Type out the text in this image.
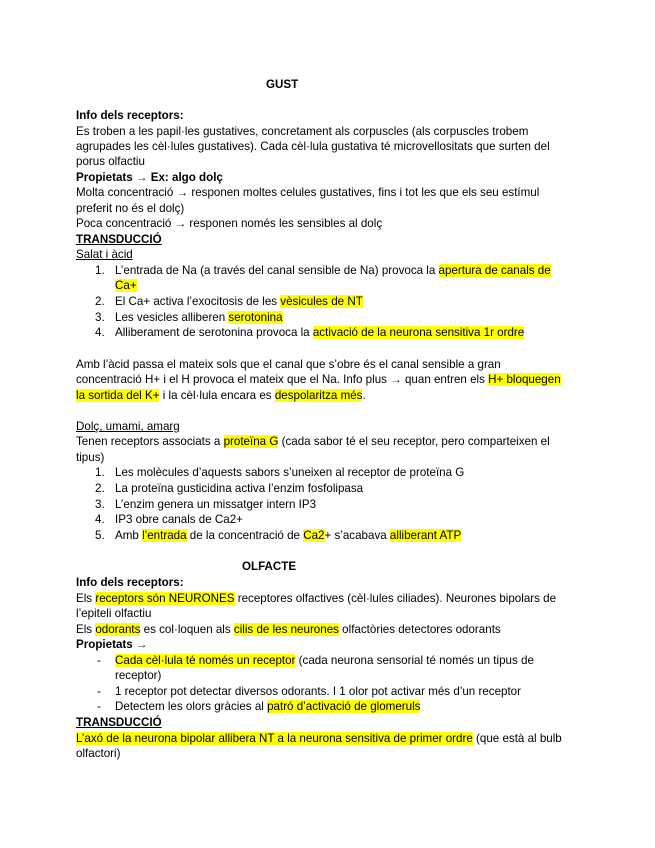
GUST
Info dels receptors:
Es troben a les papil·les gustatives, concretament als corpuscles (als corpuscles trobem
agrupades les cèl·lules gustatives). Cada cèl·lula gustativa té microvellositats que surten del
porus olfactiu
Propietats → Ex: algo dolç
Molta concentració → responen moltes celules gustatives, fins i tot les que els seu estímul
preferit no és el dolç)
Poca concentració → responen només les sensibles al dolç
TRANSDUCCIÓ
Salat i àcid
1. L’entrada de Na (a través del canal sensible de Na) provoca la apertura de canals de
Ca+
2. El Ca+ activa l’exocitosis de les vèsicules de NT
3. Les vesicles alliberen serotonina
4. Alliberament de serotonina provoca la activació de la neurona sensitiva 1r ordre
Amb l’àcid passa el mateix sols que el canal que s’obre és el canal sensible a gran
concentració H+ i el H provoca el mateix que el Na. Info plus → quan entren els H+ bloquegen
la sortida del K+ i la cèl·lula encara es despolaritza més.
Dolç, umami, amarg
Tenen receptors associats a proteïna G (cada sabor té el seu receptor, pero comparteixen el
tipus)
1. Les molècules d’aquests sabors s’uneixen al receptor de proteïna G
2. La proteïna gusticidina activa l’enzim fosfolipasa
3. L’enzim genera un missatger intern IP3
4. IP3 obre canals de Ca2+
5. Amb l’entrada de la concentració de Ca2+ s’acabava alliberant ATP
OLFACTE
Info dels receptors:
Els receptors són NEURONES receptores olfactives (cèl·lules ciliades). Neurones bipolars de
l’epiteli olfactiu
Els odorants es col·loquen als cilis de les neurones olfactòries detectores odorants
Propietats →
- Cada cèl·lula té només un receptor (cada neurona sensorial té només un tipus de
receptor)
- 1 receptor pot detectar diversos odorants. I 1 olor pot activar més d’un receptor
- Detectem les olors gràcies al patró d’activació de glomeruls
TRANSDUCCIÓ
L’axó de la neurona bipolar allibera NT a la neurona sensitiva de primer ordre (que està al bulb
olfactori)
